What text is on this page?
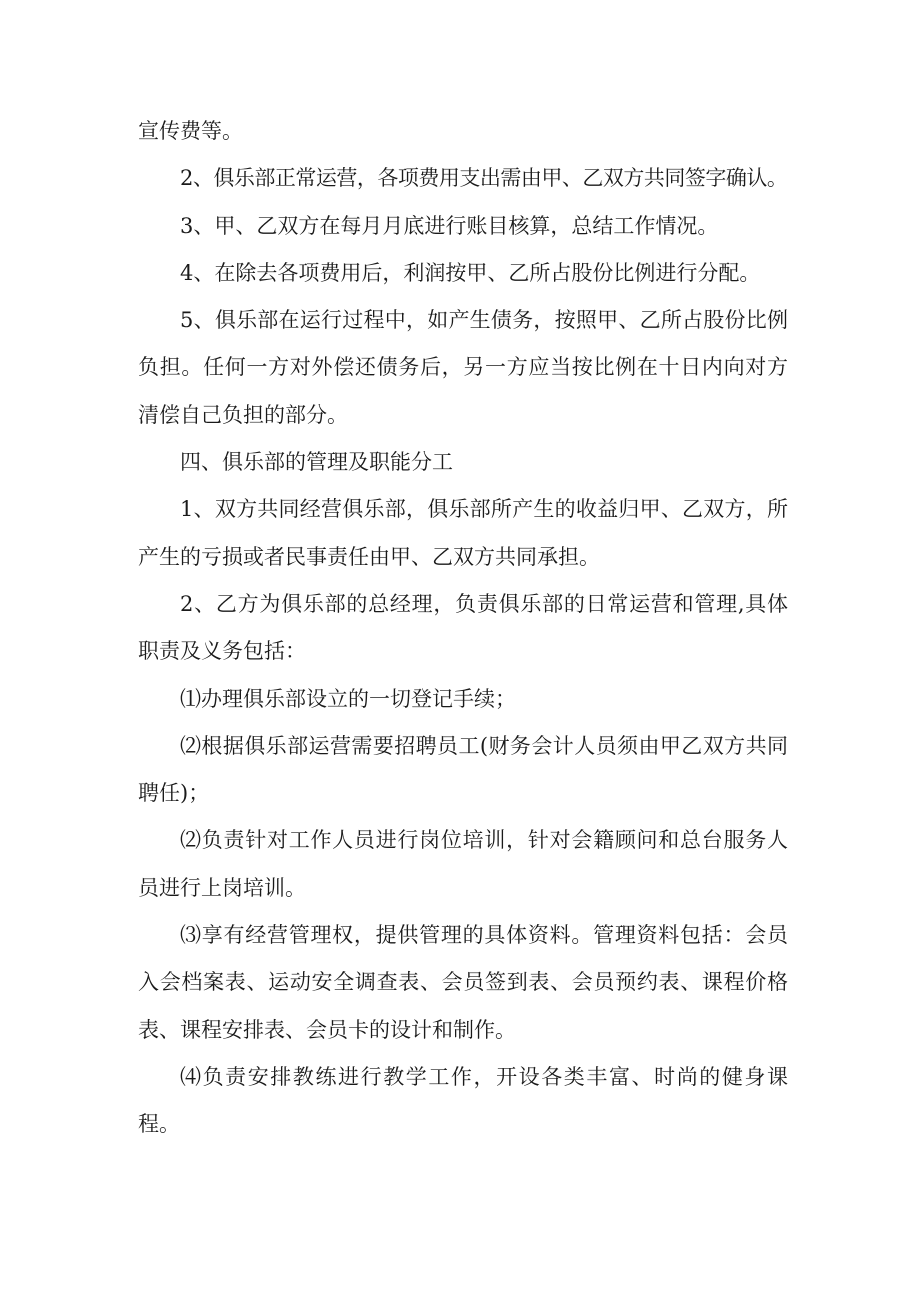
宣传费等。

2、俱乐部正常运营，各项费用支出需由甲、乙双方共同签字确认。

3、甲、乙双方在每月月底进行账目核算，总结工作情况。

4、在除去各项费用后，利润按甲、乙所占股份比例进行分配。

5、俱乐部在运行过程中，如产生债务，按照甲、乙所占股份比例负担。任何一方对外偿还债务后，另一方应当按比例在十日内向对方清偿自己负担的部分。

四、俱乐部的管理及职能分工

1、双方共同经营俱乐部，俱乐部所产生的收益归甲、乙双方，所产生的亏损或者民事责任由甲、乙双方共同承担。

2、乙方为俱乐部的总经理，负责俱乐部的日常运营和管理,具体职责及义务包括：

⑴办理俱乐部设立的一切登记手续；

⑵根据俱乐部运营需要招聘员工(财务会计人员须由甲乙双方共同聘任)；

⑵负责针对工作人员进行岗位培训，针对会籍顾问和总台服务人员进行上岗培训。

⑶享有经营管理权，提供管理的具体资料。管理资料包括：会员入会档案表、运动安全调查表、会员签到表、会员预约表、课程价格表、课程安排表、会员卡的设计和制作。

⑷负责安排教练进行教学工作，开设各类丰富、时尚的健身课程。
